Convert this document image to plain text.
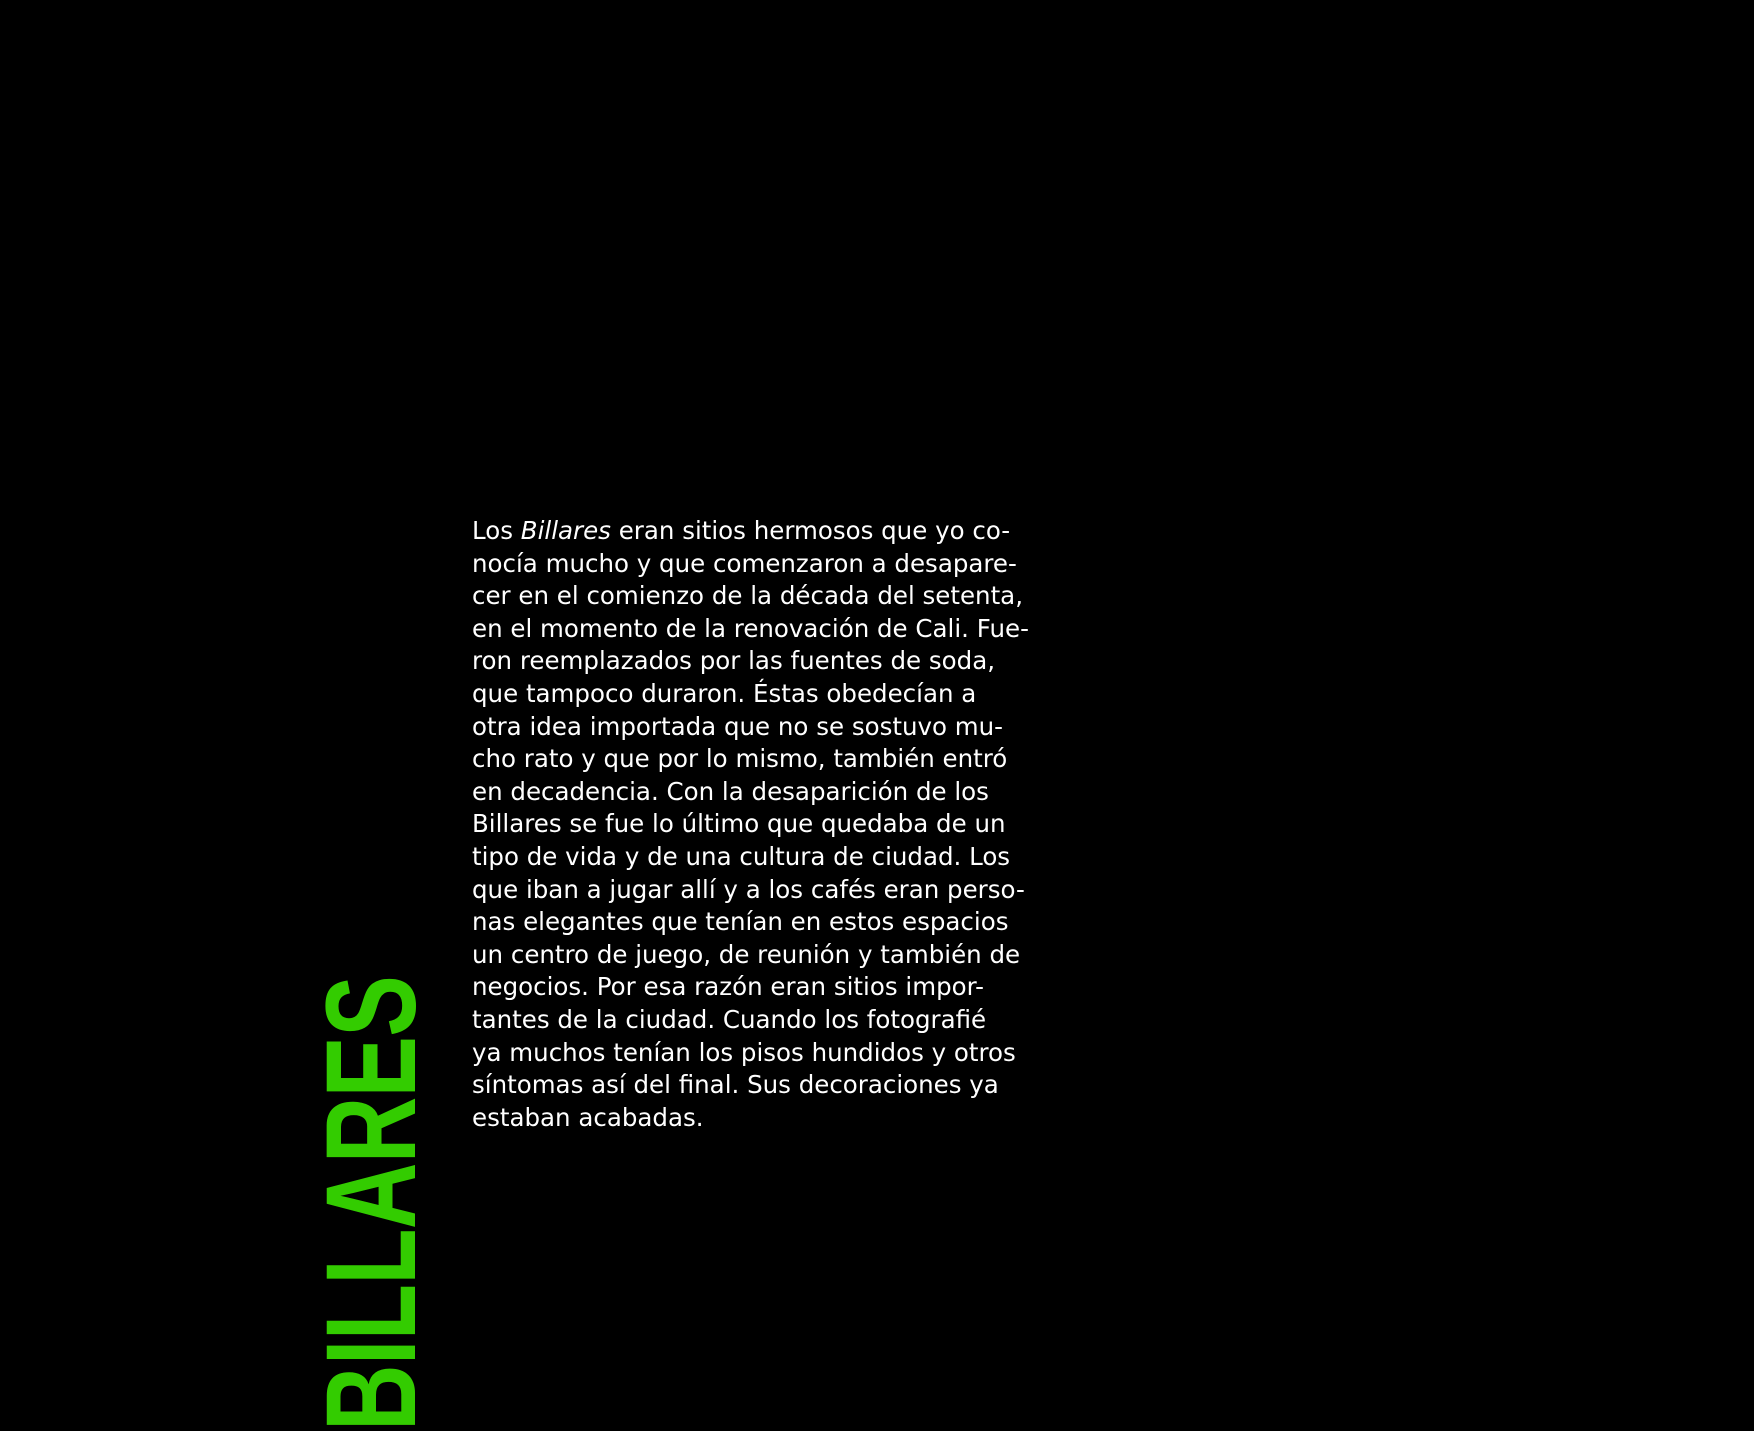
BILLARES
Los Billares eran sitios hermosos que yo co-
nocía mucho y que comenzaron a desapare-
cer en el comienzo de la década del setenta,
en el momento de la renovación de Cali. Fue-
ron reemplazados por las fuentes de soda,
que tampoco duraron. Éstas obedecían a
otra idea importada que no se sostuvo mu-
cho rato y que por lo mismo, también entró
en decadencia. Con la desaparición de los
Billares se fue lo último que quedaba de un
tipo de vida y de una cultura de ciudad. Los
que iban a jugar allí y a los cafés eran perso-
nas elegantes que tenían en estos espacios
un centro de juego, de reunión y también de
negocios. Por esa razón eran sitios impor-
tantes de la ciudad. Cuando los fotografié
ya muchos tenían los pisos hundidos y otros
síntomas así del final. Sus decoraciones ya
estaban acabadas.
